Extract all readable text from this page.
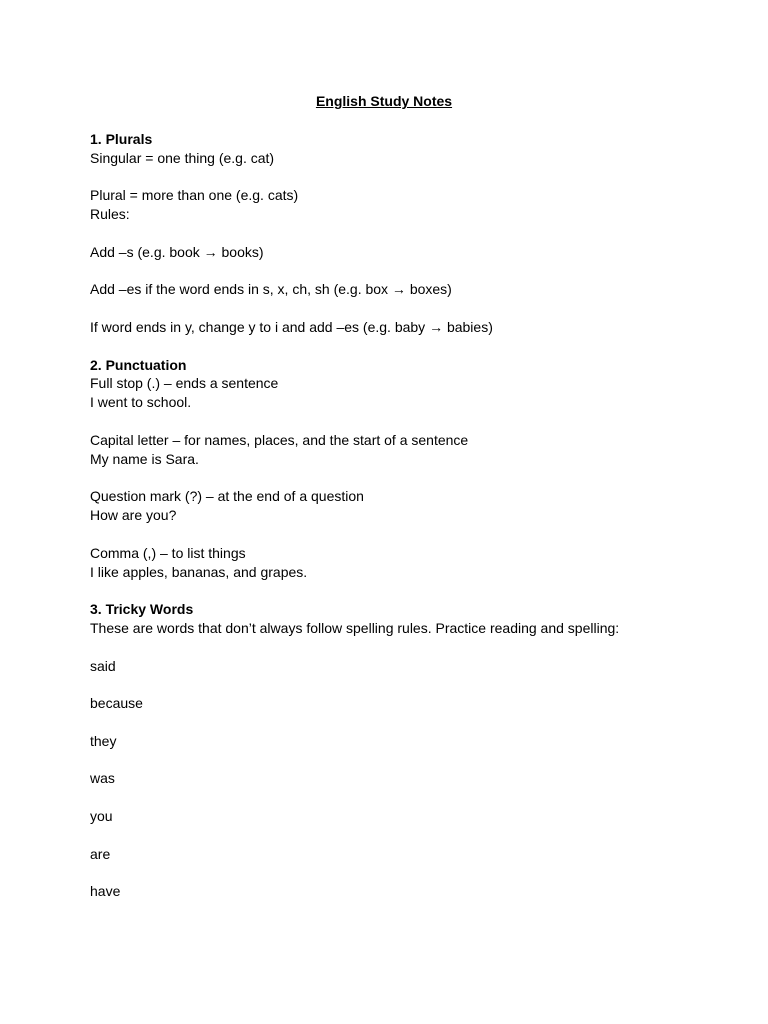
English Study Notes
1. Plurals
Singular = one thing (e.g. cat)
Plural = more than one (e.g. cats)
Rules:
Add –s (e.g. book → books)
Add –es if the word ends in s, x, ch, sh (e.g. box → boxes)
If word ends in y, change y to i and add –es (e.g. baby → babies)
2. Punctuation
Full stop (.) – ends a sentence
I went to school.
Capital letter – for names, places, and the start of a sentence
My name is Sara.
Question mark (?) – at the end of a question
How are you?
Comma (,) – to list things
I like apples, bananas, and grapes.
3. Tricky Words
These are words that don’t always follow spelling rules. Practice reading and spelling:
said
because
they
was
you
are
have
